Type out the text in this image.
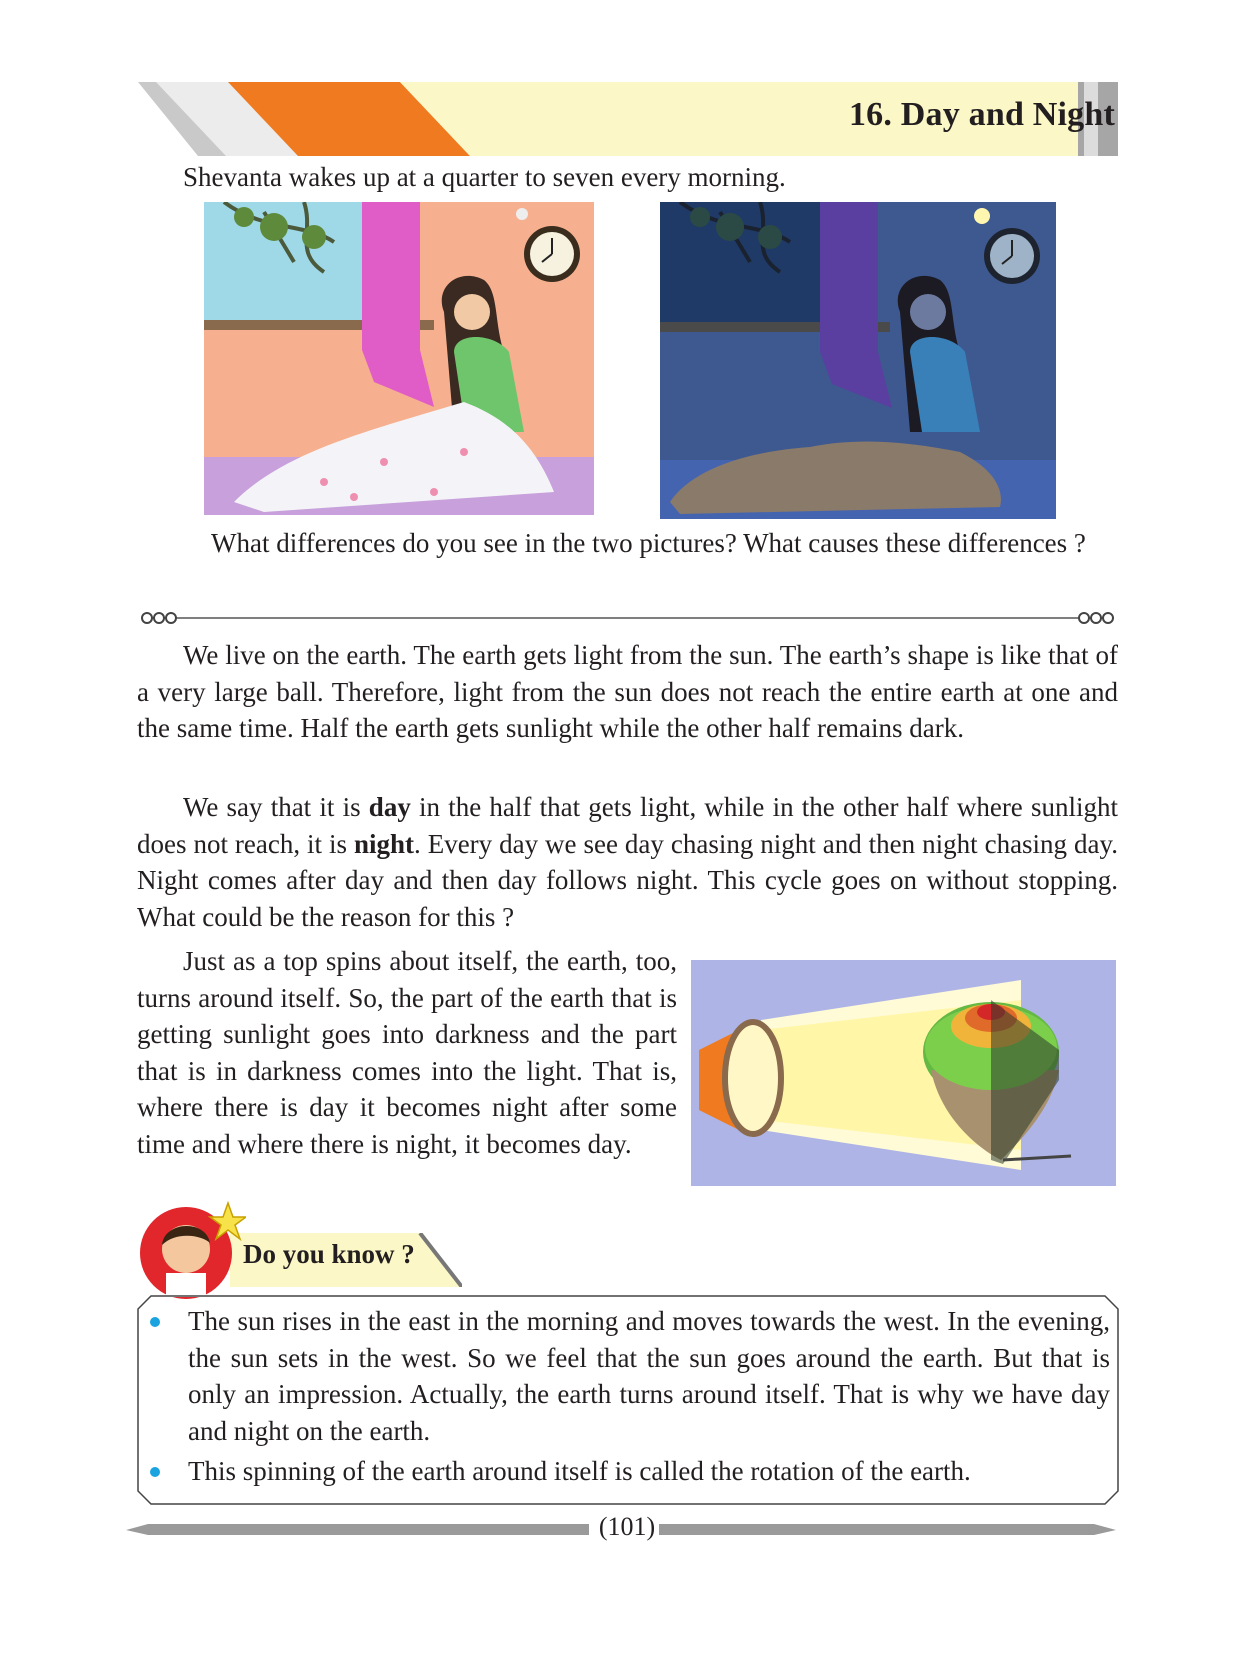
16. Day and Night
Shevanta wakes up at a quarter to seven every morning.

What differences do you see in the two pictures? What causes these differences ?

We live on the earth. The earth gets light from the sun. The earth’s shape is like that of a very large ball. Therefore, light from the sun does not reach the entire earth at one and the same time. Half the earth gets sunlight while the other half remains dark.

We say that it is day in the half that gets light, while in the other half where sunlight does not reach, it is night. Every day we see day chasing night and then night chasing day. Night comes after day and then day follows night. This cycle goes on without stopping. What could be the reason for this ?

Just as a top spins about itself, the earth, too, turns around itself. So, the part of the earth that is getting sunlight goes into darkness and the part that is in darkness comes into the light. That is, where there is day it becomes night after some time and where there is night, it becomes day.

Do you know ?
The sun rises in the east in the morning and moves towards the west. In the evening, the sun sets in the west. So we feel that the sun goes around the earth. But that is only an impression. Actually, the earth turns around itself. That is why we have day and night on the earth.
This spinning of the earth around itself is called the rotation of the earth.
(101)
